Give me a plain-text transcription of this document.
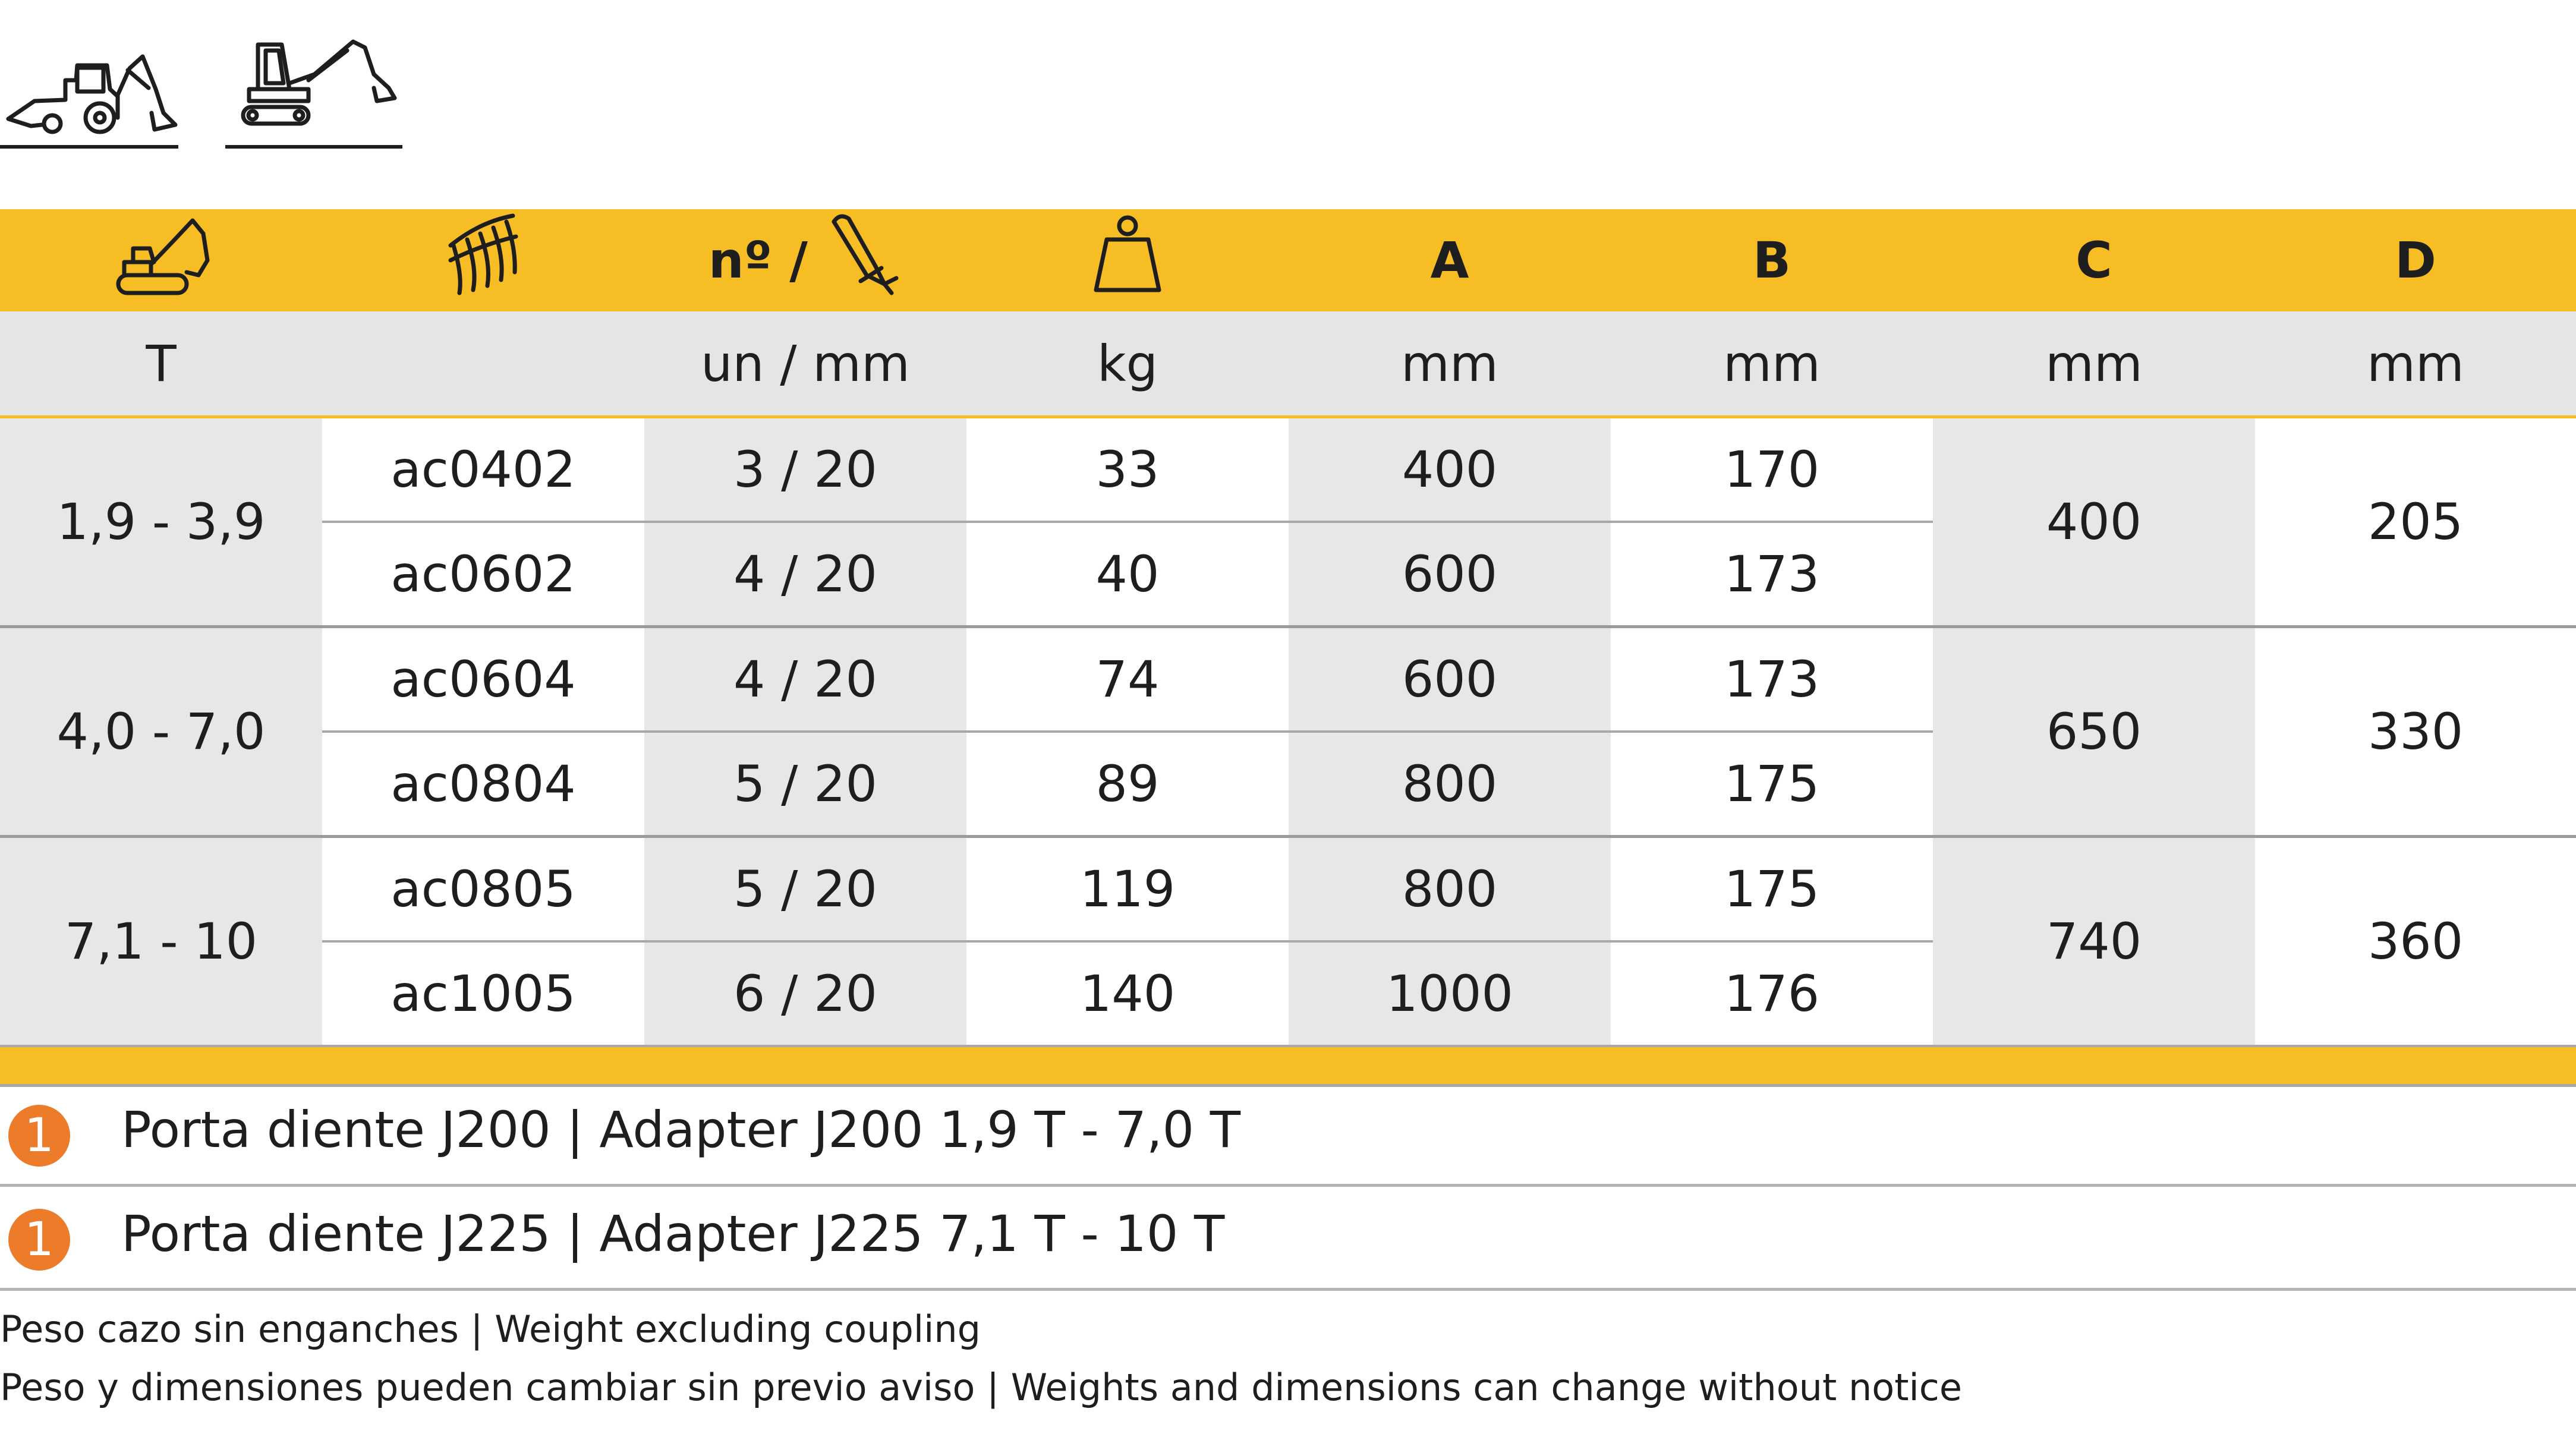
		nº /		A	B	C	D
T		un / mm	kg	mm	mm	mm	mm
1,9 - 3,9	ac0402	3 / 20	33	400	170	400	205
	ac0602	4 / 20	40	600	173		
4,0 - 7,0	ac0604	4 / 20	74	600	173	650	330
	ac0804	5 / 20	89	800	175		
7,1 - 10	ac0805	5 / 20	119	800	175	740	360
	ac1005	6 / 20	140	1000	176		

1	Porta diente J200 | Adapter J200 1,9 T - 7,0 T
1	Porta diente J225 | Adapter J225 7,1 T - 10 T
Peso cazo sin enganches | Weight excluding coupling
Peso y dimensiones pueden cambiar sin previo aviso | Weights and dimensions can change without notice
